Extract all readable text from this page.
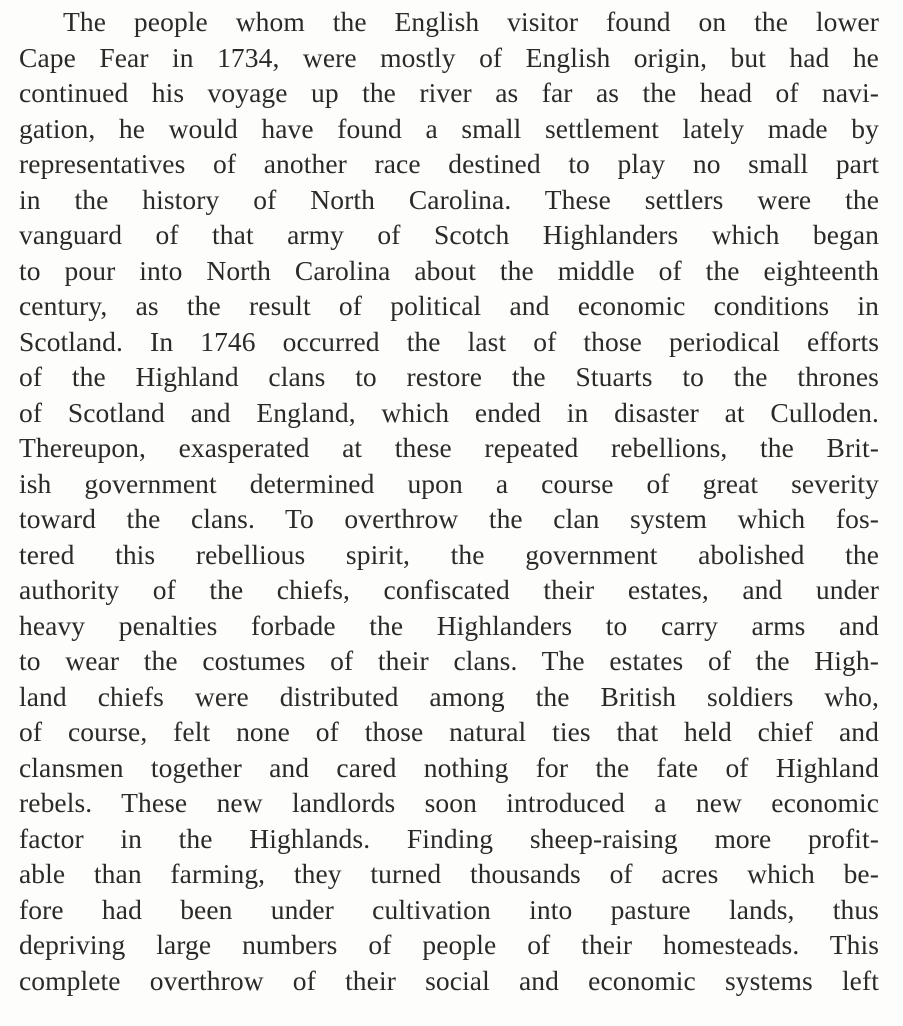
The people whom the English visitor found on the lower
Cape Fear in 1734, were mostly of English origin, but had he
continued his voyage up the river as far as the head of navi-
gation, he would have found a small settlement lately made by
representatives of another race destined to play no small part
in the history of North Carolina. These settlers were the
vanguard of that army of Scotch Highlanders which began
to pour into North Carolina about the middle of the eighteenth
century, as the result of political and economic conditions in
Scotland. In 1746 occurred the last of those periodical efforts
of the Highland clans to restore the Stuarts to the thrones
of Scotland and England, which ended in disaster at Culloden.
Thereupon, exasperated at these repeated rebellions, the Brit-
ish government determined upon a course of great severity
toward the clans. To overthrow the clan system which fos-
tered this rebellious spirit, the government abolished the
authority of the chiefs, confiscated their estates, and under
heavy penalties forbade the Highlanders to carry arms and
to wear the costumes of their clans. The estates of the High-
land chiefs were distributed among the British soldiers who,
of course, felt none of those natural ties that held chief and
clansmen together and cared nothing for the fate of Highland
rebels. These new landlords soon introduced a new economic
factor in the Highlands. Finding sheep-raising more profit-
able than farming, they turned thousands of acres which be-
fore had been under cultivation into pasture lands, thus
depriving large numbers of people of their homesteads. This
complete overthrow of their social and economic systems left
